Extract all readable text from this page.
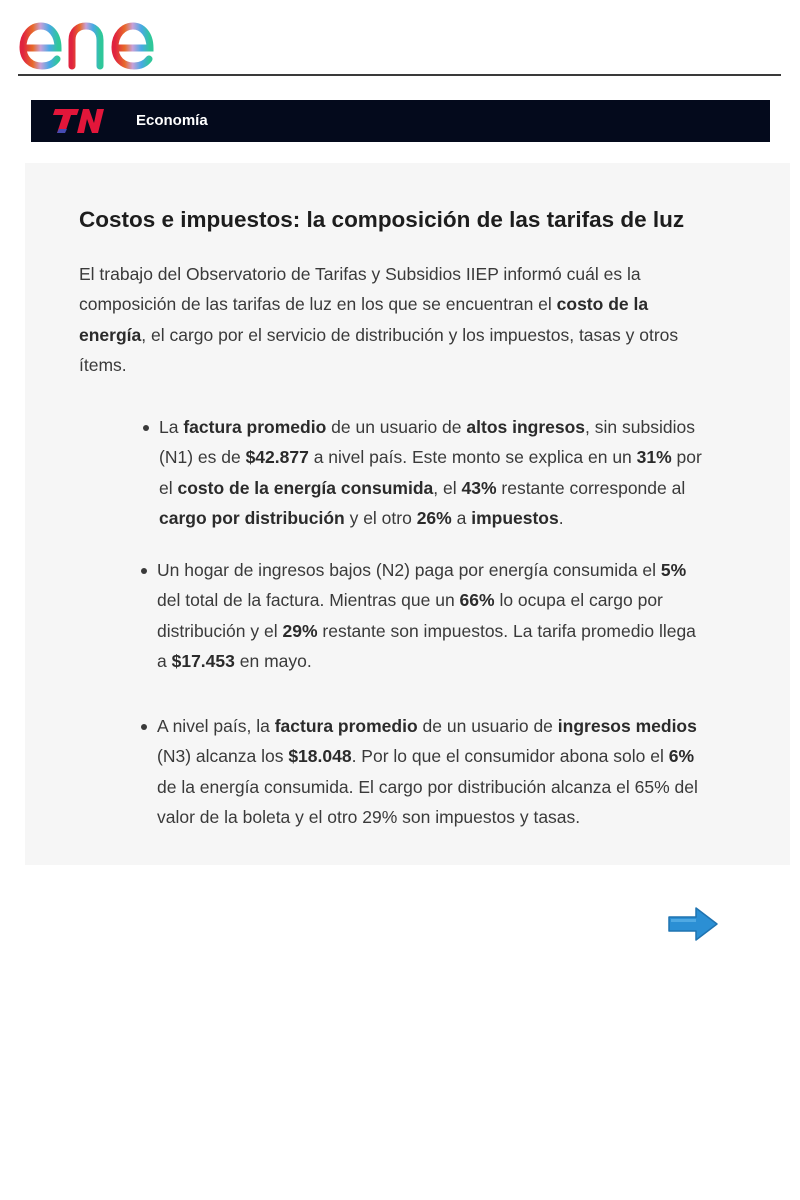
Economía
Costos e impuestos: la composición de las tarifas de luz

El trabajo del Observatorio de Tarifas y Subsidios IIEP informó cuál es la composición de las tarifas de luz en los que se encuentran el costo de la energía, el cargo por el servicio de distribución y los impuestos, tasas y otros ítems.

La factura promedio de un usuario de altos ingresos, sin subsidios (N1) es de $42.877 a nivel país. Este monto se explica en un 31% por el costo de la energía consumida, el 43% restante corresponde al cargo por distribución y el otro 26% a impuestos.

Un hogar de ingresos bajos (N2) paga por energía consumida el 5% del total de la factura. Mientras que un 66% lo ocupa el cargo por distribución y el 29% restante son impuestos. La tarifa promedio llega a $17.453 en mayo.

A nivel país, la factura promedio de un usuario de ingresos medios (N3) alcanza los $18.048. Por lo que el consumidor abona solo el 6% de la energía consumida. El cargo por distribución alcanza el 65% del valor de la boleta y el otro 29% son impuestos y tasas.
